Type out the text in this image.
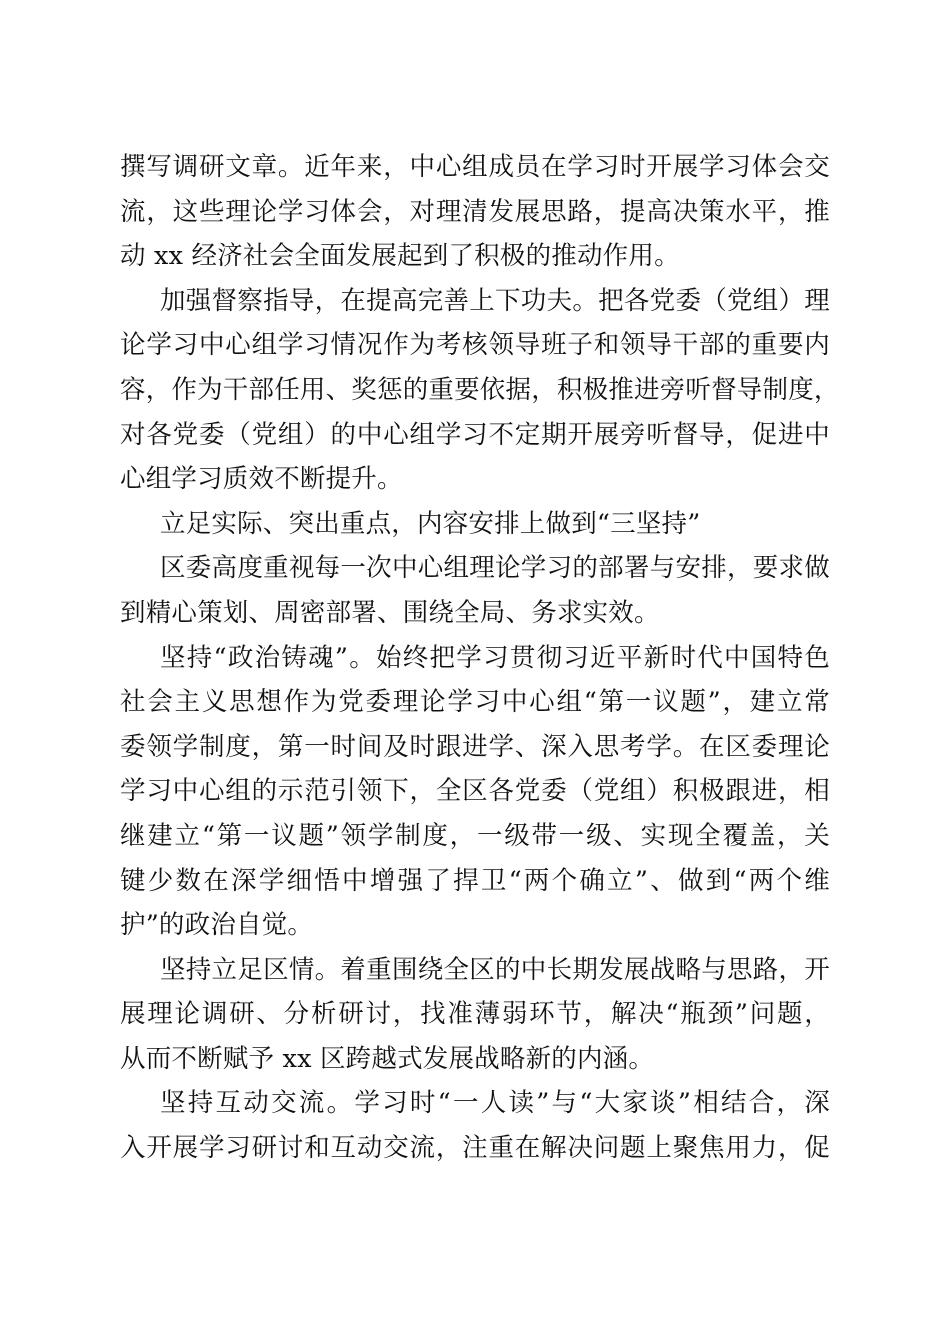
撰写调研文章。近年来，中心组成员在学习时开展学习体会交
流，这些理论学习体会，对理清发展思路，提高决策水平，推
动 xx 经济社会全面发展起到了积极的推动作用。
加强督察指导，在提高完善上下功夫。把各党委（党组）理
论学习中心组学习情况作为考核领导班子和领导干部的重要内
容，作为干部任用、奖惩的重要依据，积极推进旁听督导制度，
对各党委（党组）的中心组学习不定期开展旁听督导，促进中
心组学习质效不断提升。
立足实际、突出重点，内容安排上做到“三坚持”
区委高度重视每一次中心组理论学习的部署与安排，要求做
到精心策划、周密部署、围绕全局、务求实效。
坚持“政治铸魂”。始终把学习贯彻习近平新时代中国特色
社会主义思想作为党委理论学习中心组“第一议题”，建立常
委领学制度，第一时间及时跟进学、深入思考学。在区委理论
学习中心组的示范引领下，全区各党委（党组）积极跟进，相
继建立“第一议题”领学制度，一级带一级、实现全覆盖，关
键少数在深学细悟中增强了捍卫“两个确立”、做到“两个维
护”的政治自觉。
坚持立足区情。着重围绕全区的中长期发展战略与思路，开
展理论调研、分析研讨，找准薄弱环节，解决“瓶颈”问题，
从而不断赋予 xx 区跨越式发展战略新的内涵。
坚持互动交流。学习时“一人读”与“大家谈”相结合，深
入开展学习研讨和互动交流，注重在解决问题上聚焦用力，促
